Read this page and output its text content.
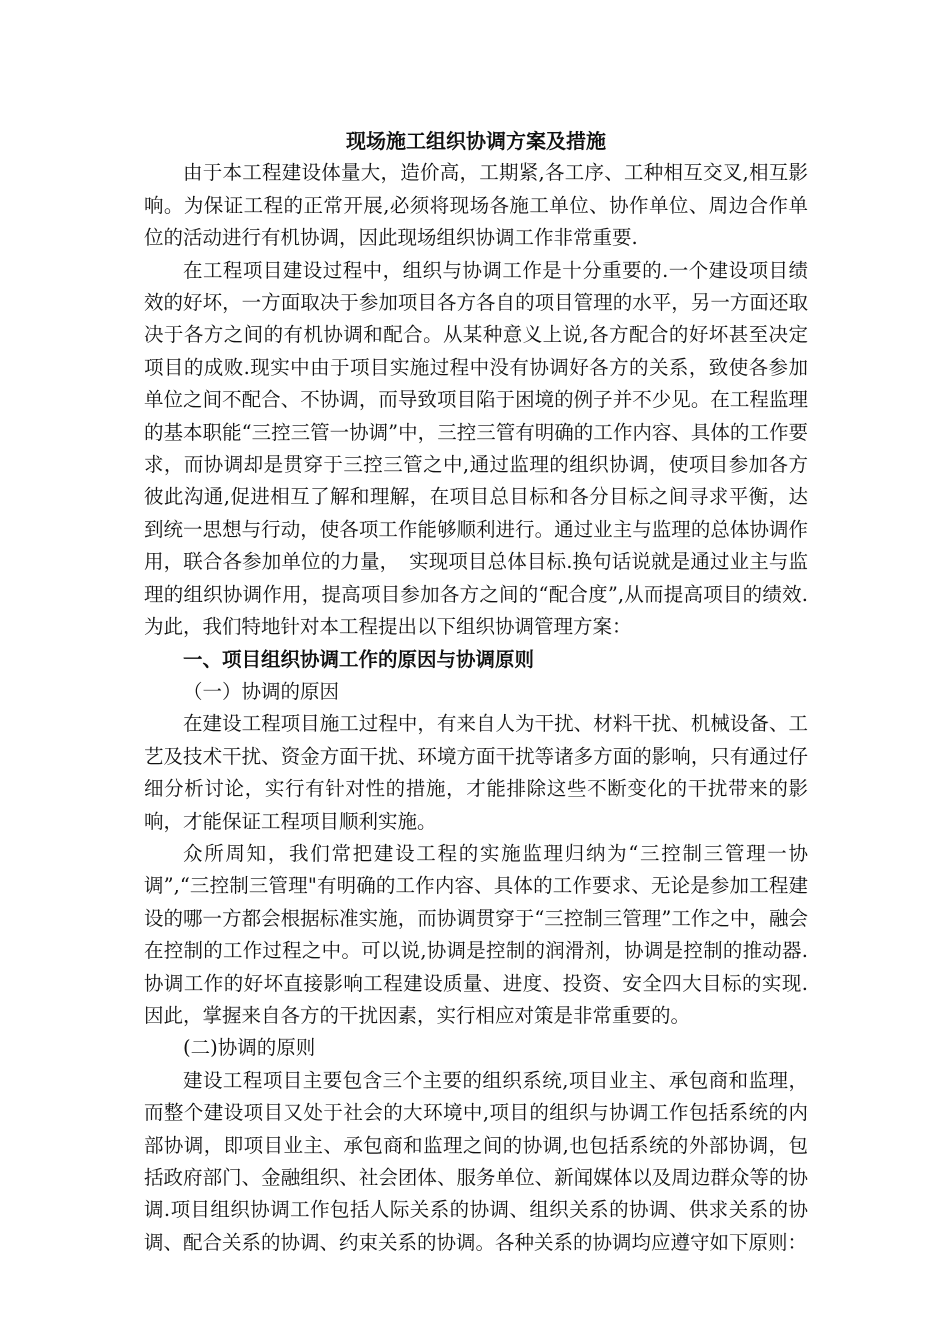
现场施工组织协调方案及措施

由于本工程建设体量大，造价高，工期紧,各工序、工种相互交叉,相互影响。为保证工程的正常开展,必须将现场各施工单位、协作单位、周边合作单位的活动进行有机协调，因此现场组织协调工作非常重要.

在工程项目建设过程中，组织与协调工作是十分重要的.一个建设项目绩效的好坏，一方面取决于参加项目各方各自的项目管理的水平，另一方面还取决于各方之间的有机协调和配合。从某种意义上说,各方配合的好坏甚至决定项目的成败.现实中由于项目实施过程中没有协调好各方的关系，致使各参加单位之间不配合、不协调，而导致项目陷于困境的例子并不少见。在工程监理的基本职能“三控三管一协调”中，三控三管有明确的工作内容、具体的工作要求，而协调却是贯穿于三控三管之中,通过监理的组织协调，使项目参加各方彼此沟通,促进相互了解和理解，在项目总目标和各分目标之间寻求平衡，达到统一思想与行动，使各项工作能够顺利进行。通过业主与监理的总体协调作用，联合各参加单位的力量，　实现项目总体目标.换句话说就是通过业主与监理的组织协调作用，提高项目参加各方之间的“配合度”,从而提高项目的绩效.为此，我们特地针对本工程提出以下组织协调管理方案：

一、项目组织协调工作的原因与协调原则

（一）协调的原因

在建设工程项目施工过程中，有来自人为干扰、材料干扰、机械设备、工艺及技术干扰、资金方面干扰、环境方面干扰等诸多方面的影响，只有通过仔细分析讨论，实行有针对性的措施，才能排除这些不断变化的干扰带来的影响，才能保证工程项目顺利实施。

众所周知，我们常把建设工程的实施监理归纳为“三控制三管理一协调”,“三控制三管理"有明确的工作内容、具体的工作要求、无论是参加工程建设的哪一方都会根据标准实施，而协调贯穿于“三控制三管理”工作之中，融会在控制的工作过程之中。可以说,协调是控制的润滑剂，协调是控制的推动器.协调工作的好坏直接影响工程建设质量、进度、投资、安全四大目标的实现.因此，掌握来自各方的干扰因素，实行相应对策是非常重要的。

(二)协调的原则

建设工程项目主要包含三个主要的组织系统,项目业主、承包商和监理，而整个建设项目又处于社会的大环境中,项目的组织与协调工作包括系统的内部协调，即项目业主、承包商和监理之间的协调,也包括系统的外部协调，包括政府部门、金融组织、社会团体、服务单位、新闻媒体以及周边群众等的协调.项目组织协调工作包括人际关系的协调、组织关系的协调、供求关系的协调、配合关系的协调、约束关系的协调。各种关系的协调均应遵守如下原则：
